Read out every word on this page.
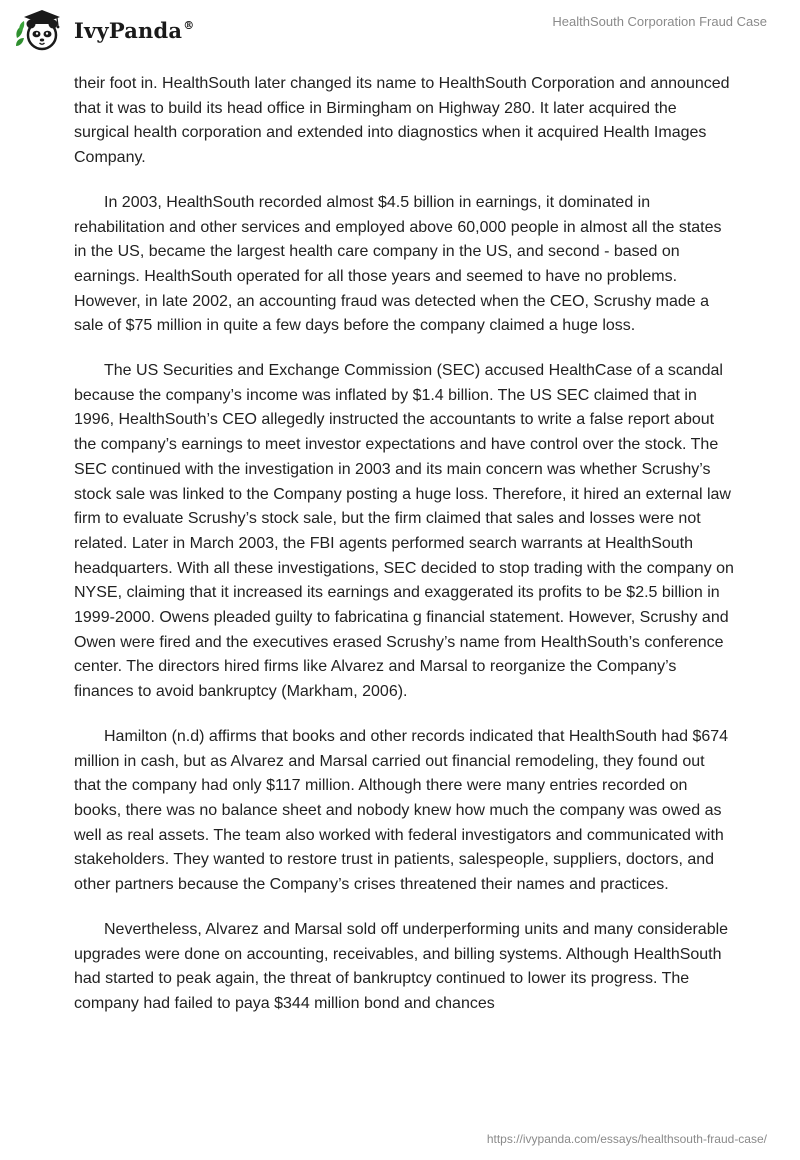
IvyPanda®	HealthSouth Corporation Fraud Case

their foot in. HealthSouth later changed its name to HealthSouth Corporation and announced that it was to build its head office in Birmingham on Highway 280. It later acquired the surgical health corporation and extended into diagnostics when it acquired Health Images Company.

In 2003, HealthSouth recorded almost $4.5 billion in earnings, it dominated in rehabilitation and other services and employed above 60,000 people in almost all the states in the US, became the largest health care company in the US, and second - based on earnings. HealthSouth operated for all those years and seemed to have no problems. However, in late 2002, an accounting fraud was detected when the CEO, Scrushy made a sale of $75 million in quite a few days before the company claimed a huge loss.

The US Securities and Exchange Commission (SEC) accused HealthCase of a scandal because the company’s income was inflated by $1.4 billion. The US SEC claimed that in 1996, HealthSouth’s CEO allegedly instructed the accountants to write a false report about the company’s earnings to meet investor expectations and have control over the stock. The SEC continued with the investigation in 2003 and its main concern was whether Scrushy’s stock sale was linked to the Company posting a huge loss. Therefore, it hired an external law firm to evaluate Scrushy’s stock sale, but the firm claimed that sales and losses were not related. Later in March 2003, the FBI agents performed search warrants at HealthSouth headquarters. With all these investigations, SEC decided to stop trading with the company on NYSE, claiming that it increased its earnings and exaggerated its profits to be $2.5 billion in 1999-2000. Owens pleaded guilty to fabricatina g financial statement. However, Scrushy and Owen were fired and the executives erased Scrushy’s name from HealthSouth’s conference center. The directors hired firms like Alvarez and Marsal to reorganize the Company’s finances to avoid bankruptcy (Markham, 2006).

Hamilton (n.d) affirms that books and other records indicated that HealthSouth had $674 million in cash, but as Alvarez and Marsal carried out financial remodeling, they found out that the company had only $117 million. Although there were many entries recorded on books, there was no balance sheet and nobody knew how much the company was owed as well as real assets. The team also worked with federal investigators and communicated with stakeholders. They wanted to restore trust in patients, salespeople, suppliers, doctors, and other partners because the Company’s crises threatened their names and practices.

Nevertheless, Alvarez and Marsal sold off underperforming units and many considerable upgrades were done on accounting, receivables, and billing systems. Although HealthSouth had started to peak again, the threat of bankruptcy continued to lower its progress. The company had failed to paya $344 million bond and chances

https://ivypanda.com/essays/healthsouth-fraud-case/
